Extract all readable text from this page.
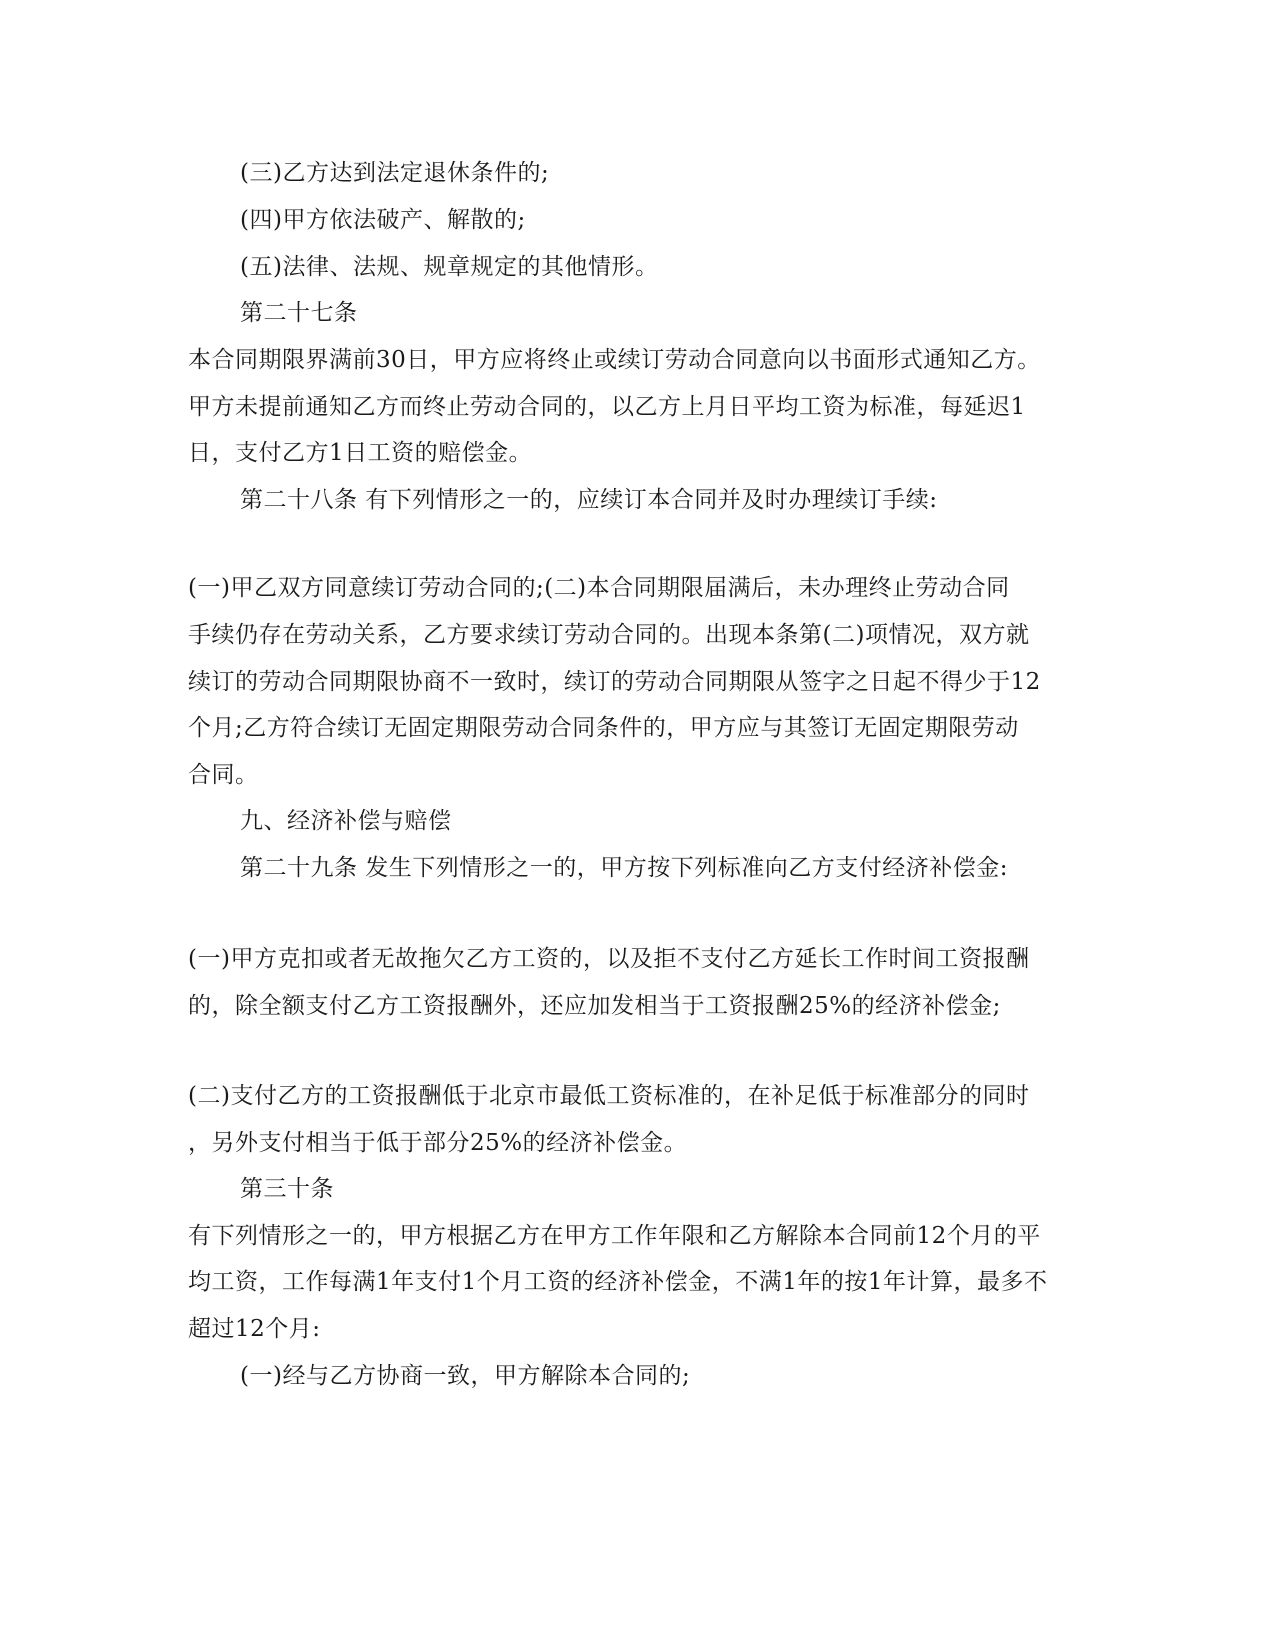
(三)乙方达到法定退休条件的;
(四)甲方依法破产、解散的;
(五)法律、法规、规章规定的其他情形。
第二十七条
本合同期限界满前30日，甲方应将终止或续订劳动合同意向以书面形式通知乙方。
甲方未提前通知乙方而终止劳动合同的，以乙方上月日平均工资为标准，每延迟1
日，支付乙方1日工资的赔偿金。
第二十八条 有下列情形之一的，应续订本合同并及时办理续订手续:
(一)甲乙双方同意续订劳动合同的;(二)本合同期限届满后，未办理终止劳动合同
手续仍存在劳动关系，乙方要求续订劳动合同的。出现本条第(二)项情况，双方就
续订的劳动合同期限协商不一致时，续订的劳动合同期限从签字之日起不得少于12
个月;乙方符合续订无固定期限劳动合同条件的，甲方应与其签订无固定期限劳动
合同。
九、经济补偿与赔偿
第二十九条 发生下列情形之一的，甲方按下列标准向乙方支付经济补偿金:
(一)甲方克扣或者无故拖欠乙方工资的，以及拒不支付乙方延长工作时间工资报酬
的，除全额支付乙方工资报酬外，还应加发相当于工资报酬25%的经济补偿金;
(二)支付乙方的工资报酬低于北京市最低工资标准的，在补足低于标准部分的同时
，另外支付相当于低于部分25%的经济补偿金。
第三十条
有下列情形之一的，甲方根据乙方在甲方工作年限和乙方解除本合同前12个月的平
均工资，工作每满1年支付1个月工资的经济补偿金，不满1年的按1年计算，最多不
超过12个月:
(一)经与乙方协商一致，甲方解除本合同的;
